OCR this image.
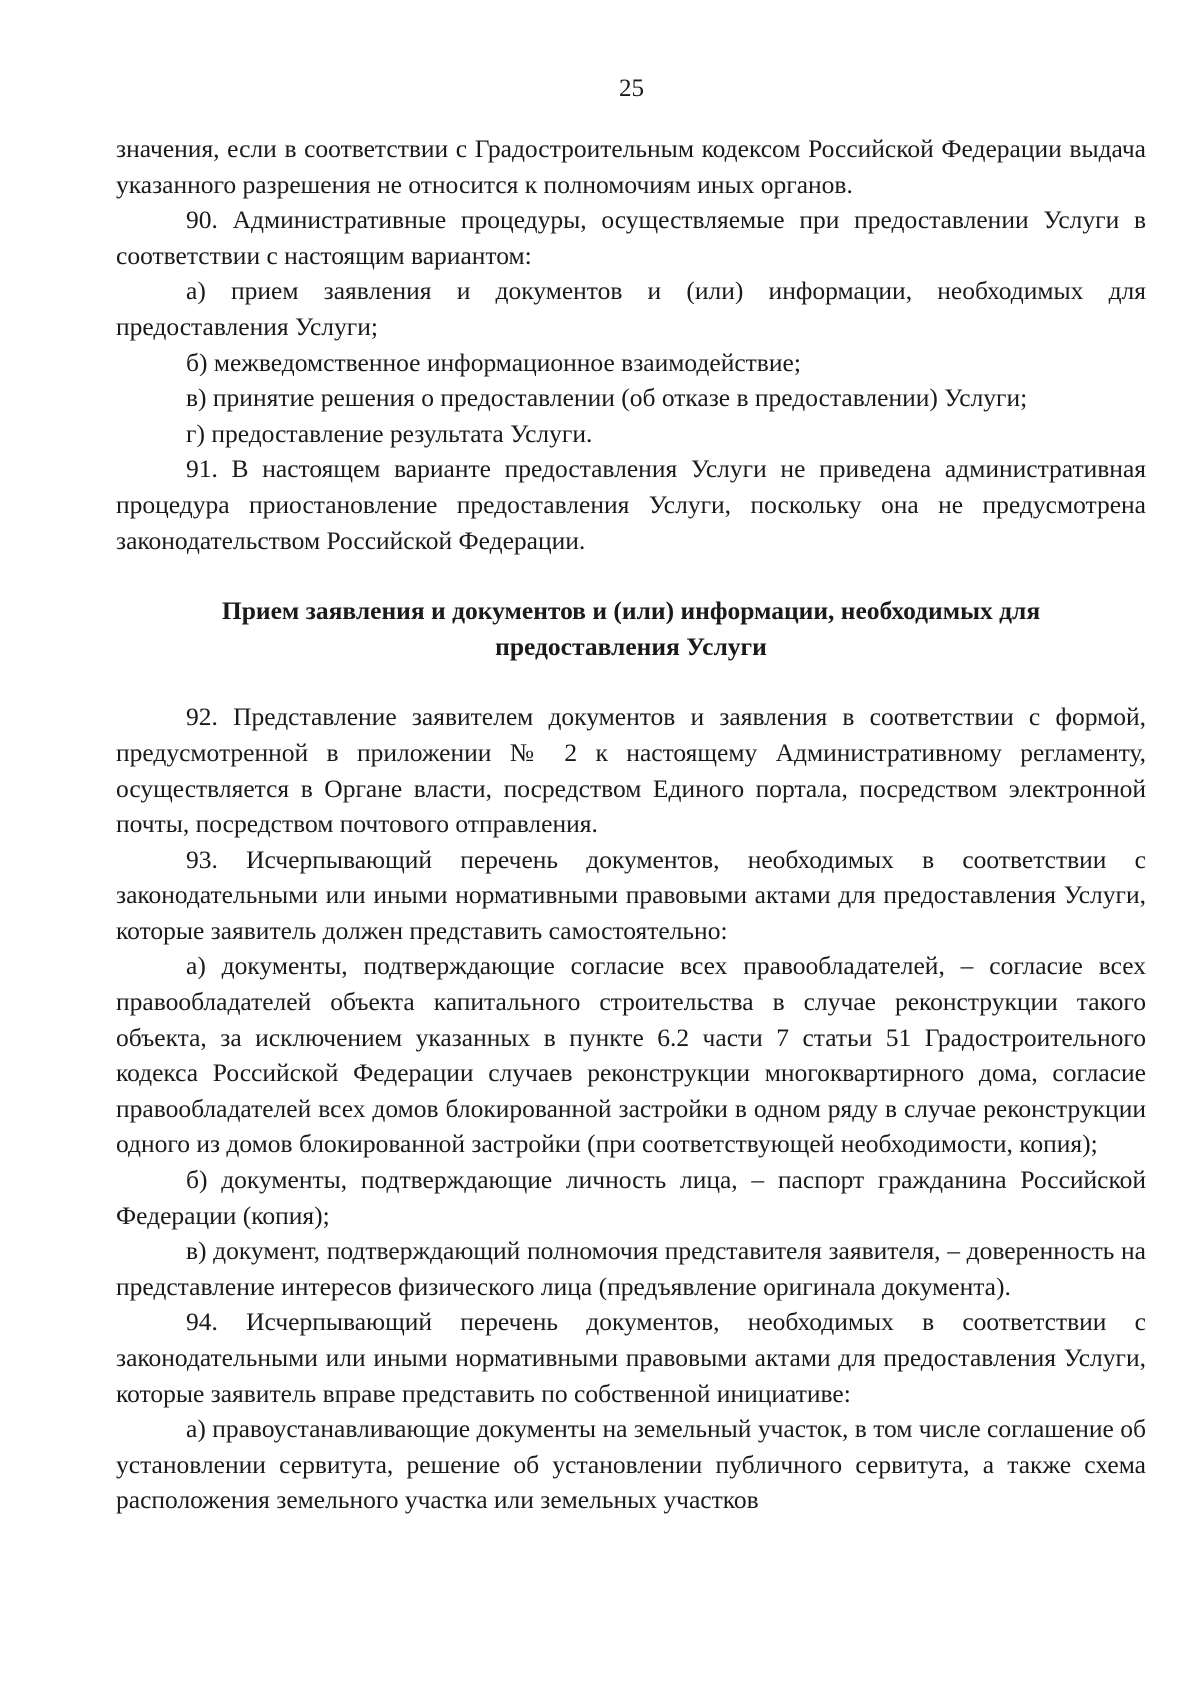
25

значения, если в соответствии с Градостроительным кодексом Российской Федерации выдача указанного разрешения не относится к полномочиям иных органов.

90. Административные процедуры, осуществляемые при предоставлении Услуги в соответствии с настоящим вариантом:

а) прием заявления и документов и (или) информации, необходимых для предоставления Услуги;

б) межведомственное информационное взаимодействие;

в) принятие решения о предоставлении (об отказе в предоставлении) Услуги;

г) предоставление результата Услуги.

91. В настоящем варианте предоставления Услуги не приведена административная процедура приостановление предоставления Услуги, поскольку она не предусмотрена законодательством Российской Федерации.

Прием заявления и документов и (или) информации, необходимых для
предоставления Услуги

92. Представление заявителем документов и заявления в соответствии с формой, предусмотренной в приложении № 2 к настоящему Административному регламенту, осуществляется в Органе власти, посредством Единого портала, посредством электронной почты, посредством почтового отправления.

93. Исчерпывающий перечень документов, необходимых в соответствии с законодательными или иными нормативными правовыми актами для предоставления Услуги, которые заявитель должен представить самостоятельно:

а) документы, подтверждающие согласие всех правообладателей, – согласие всех правообладателей объекта капитального строительства в случае реконструкции такого объекта, за исключением указанных в пункте 6.2 части 7 статьи 51 Градостроительного кодекса Российской Федерации случаев реконструкции многоквартирного дома, согласие правообладателей всех домов блокированной застройки в одном ряду в случае реконструкции одного из домов блокированной застройки (при соответствующей необходимости, копия);

б) документы, подтверждающие личность лица, – паспорт гражданина Российской Федерации (копия);

в) документ, подтверждающий полномочия представителя заявителя, – доверенность на представление интересов физического лица (предъявление оригинала документа).

94. Исчерпывающий перечень документов, необходимых в соответствии с законодательными или иными нормативными правовыми актами для предоставления Услуги, которые заявитель вправе представить по собственной инициативе:

а) правоустанавливающие документы на земельный участок, в том числе соглашение об установлении сервитута, решение об установлении публичного сервитута, а также схема расположения земельного участка или земельных участков
